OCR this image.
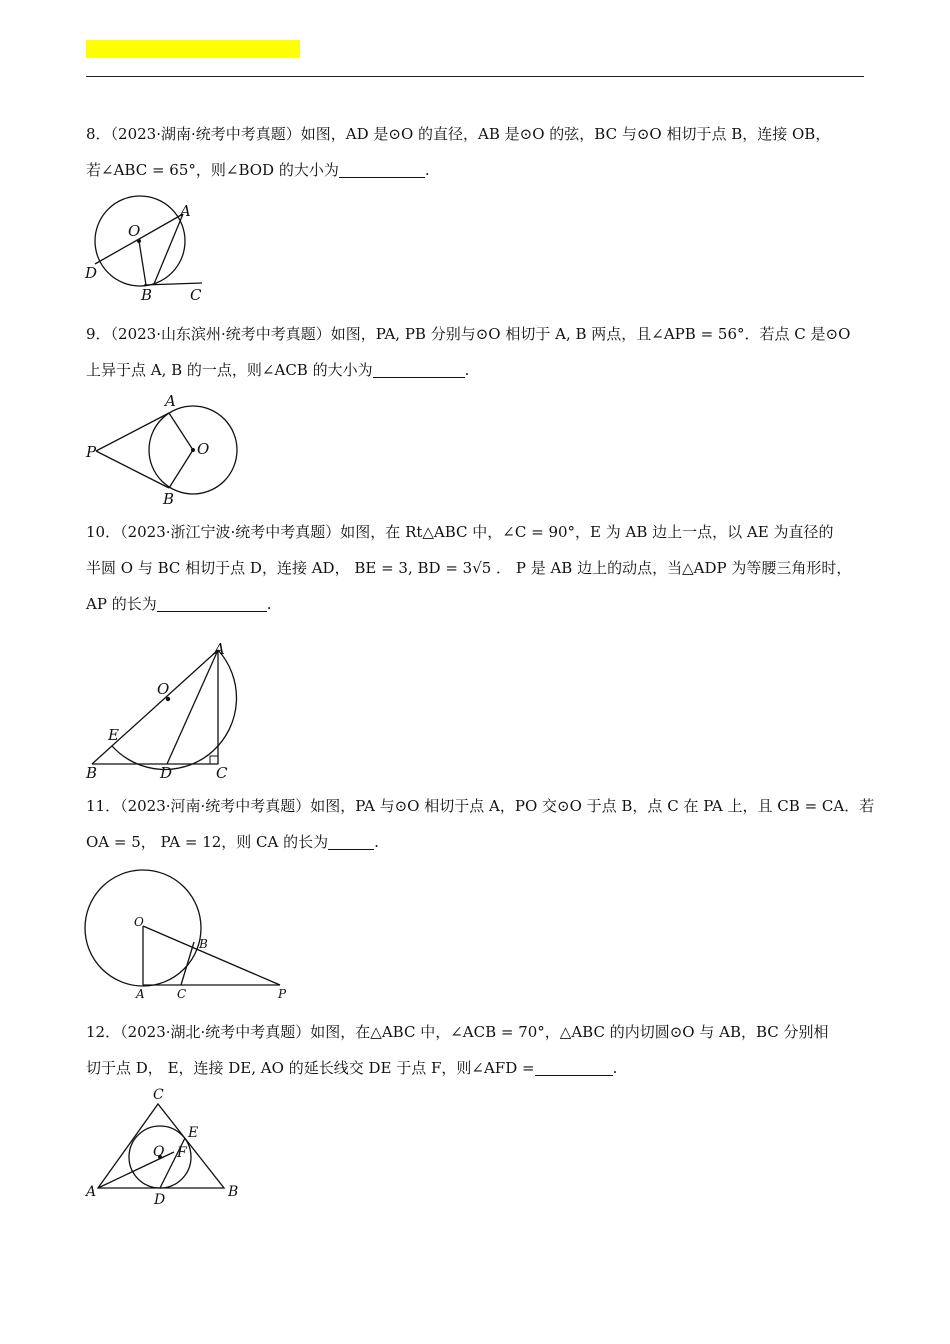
8．（2023·湖南·统考中考真题）如图，AD 是⊙O 的直径，AB 是⊙O 的弦，BC 与⊙O 相切于点 B，连接 OB，

若∠ABC = 65°，则∠BOD 的大小为	.

O
A
D
B	C

9．（2023·山东滨州·统考中考真题）如图，PA, PB 分别与⊙O 相切于 A, B 两点，且∠APB = 56°．若点 C 是⊙O

上异于点 A, B 的一点，则∠ACB 的大小为	.

A
P	O
B

10．（2023·浙江宁波·统考中考真题）如图，在 Rt△ABC 中，∠C = 90°，E 为 AB 边上一点，以 AE 为直径的

半圆 O 与 BC 相切于点 D，连接 AD， BE = 3, BD = 3√5 ． P 是 AB 边上的动点，当△ADP 为等腰三角形时，

AP 的长为	.

A
O
E
B	D	C

11．（2023·河南·统考中考真题）如图，PA 与⊙O 相切于点 A，PO 交⊙O 于点 B，点 C 在 PA 上，且 CB = CA．若

OA = 5， PA = 12，则 CA 的长为	.

O
B
A	C	P

12．（2023·湖北·统考中考真题）如图，在△ABC 中，∠ACB = 70°，△ABC 的内切圆⊙O 与 AB，BC 分别相

切于点 D， E，连接 DE, AO 的延长线交 DE 于点 F，则∠AFD =	.

C
E
O F
A	D	B
